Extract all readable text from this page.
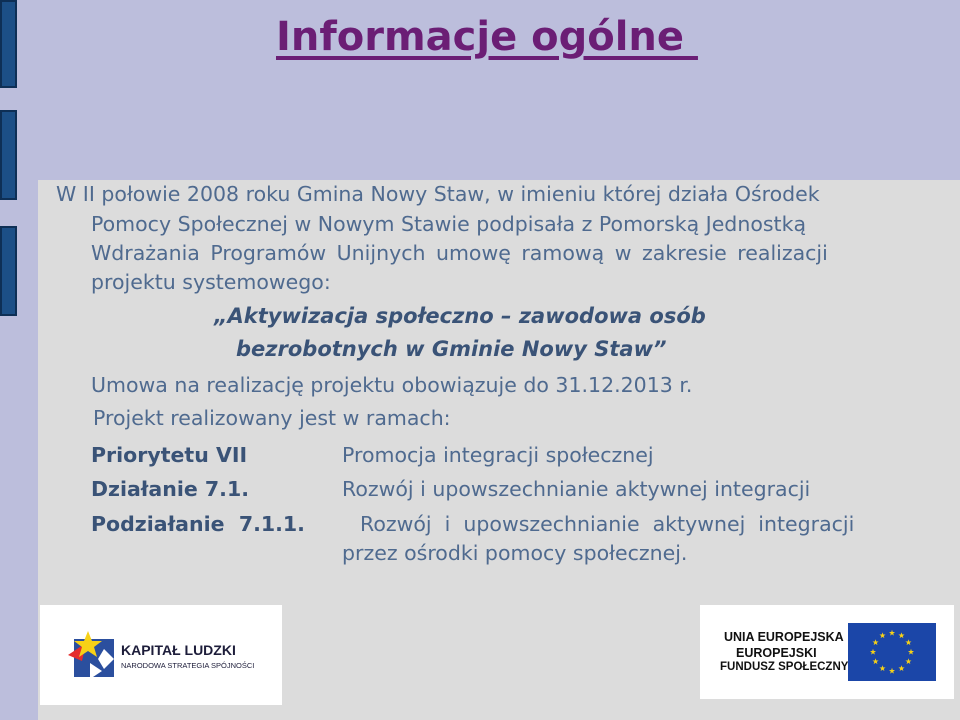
Informacje ogólne
W II połowie 2008 roku Gmina Nowy Staw, w imieniu której działa Ośrodek
Pomocy Społecznej w Nowym Stawie podpisała z Pomorską Jednostką
Wdrażania Programów Unijnych umowę ramową w zakresie realizacji
projektu systemowego:
„Aktywizacja społeczno – zawodowa osób
bezrobotnych w Gminie Nowy Staw”
Umowa na realizację projektu obowiązuje do 31.12.2013 r.
Projekt realizowany jest w ramach:
Priorytetu VII	Promocja integracji społecznej
Działanie 7.1.	Rozwój i upowszechnianie aktywnej integracji
Podziałanie  7.1.1.	Rozwój  i  upowszechnianie  aktywnej  integracji
przez ośrodki pomocy społecznej.
KAPITAŁ LUDZKI
NARODOWA STRATEGIA SPÓJNOŚCI
UNIA EUROPEJSKA
EUROPEJSKI
FUNDUSZ SPOŁECZNY
